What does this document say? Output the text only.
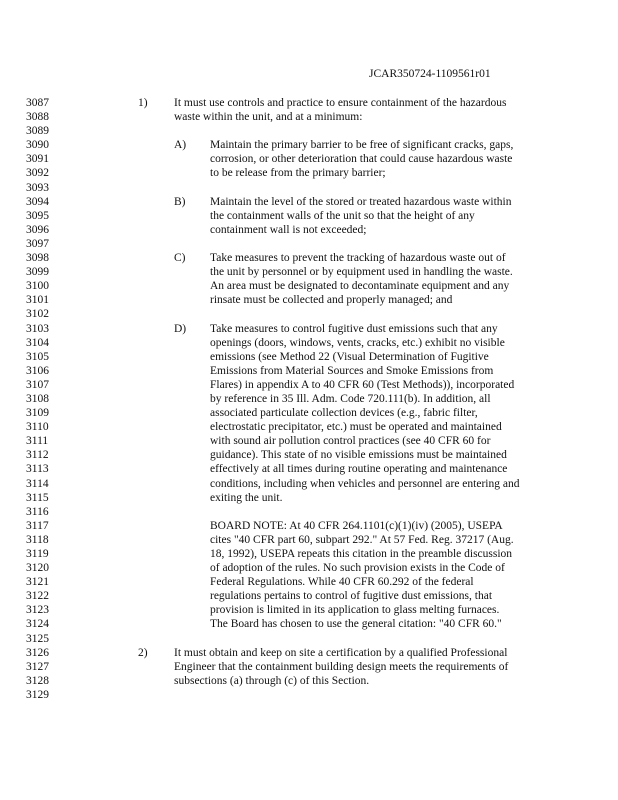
JCAR350724-1109561r01
3087	1) It must use controls and practice to ensure containment of the hazardous
3088	waste within the unit, and at a minimum:
3089
3090	A) Maintain the primary barrier to be free of significant cracks, gaps,
3091	corrosion, or other deterioration that could cause hazardous waste
3092	to be release from the primary barrier;
3093
3094	B) Maintain the level of the stored or treated hazardous waste within
3095	the containment walls of the unit so that the height of any
3096	containment wall is not exceeded;
3097
3098	C) Take measures to prevent the tracking of hazardous waste out of
3099	the unit by personnel or by equipment used in handling the waste.
3100	An area must be designated to decontaminate equipment and any
3101	rinsate must be collected and properly managed; and
3102
3103	D) Take measures to control fugitive dust emissions such that any
3104	openings (doors, windows, vents, cracks, etc.) exhibit no visible
3105	emissions (see Method 22 (Visual Determination of Fugitive
3106	Emissions from Material Sources and Smoke Emissions from
3107	Flares) in appendix A to 40 CFR 60 (Test Methods)), incorporated
3108	by reference in 35 Ill. Adm. Code 720.111(b). In addition, all
3109	associated particulate collection devices (e.g., fabric filter,
3110	electrostatic precipitator, etc.) must be operated and maintained
3111	with sound air pollution control practices (see 40 CFR 60 for
3112	guidance). This state of no visible emissions must be maintained
3113	effectively at all times during routine operating and maintenance
3114	conditions, including when vehicles and personnel are entering and
3115	exiting the unit.
3116
3117	BOARD NOTE: At 40 CFR 264.1101(c)(1)(iv) (2005), USEPA
3118	cites "40 CFR part 60, subpart 292." At 57 Fed. Reg. 37217 (Aug.
3119	18, 1992), USEPA repeats this citation in the preamble discussion
3120	of adoption of the rules. No such provision exists in the Code of
3121	Federal Regulations. While 40 CFR 60.292 of the federal
3122	regulations pertains to control of fugitive dust emissions, that
3123	provision is limited in its application to glass melting furnaces.
3124	The Board has chosen to use the general citation: "40 CFR 60."
3125
3126	2) It must obtain and keep on site a certification by a qualified Professional
3127	Engineer that the containment building design meets the requirements of
3128	subsections (a) through (c) of this Section.
3129
